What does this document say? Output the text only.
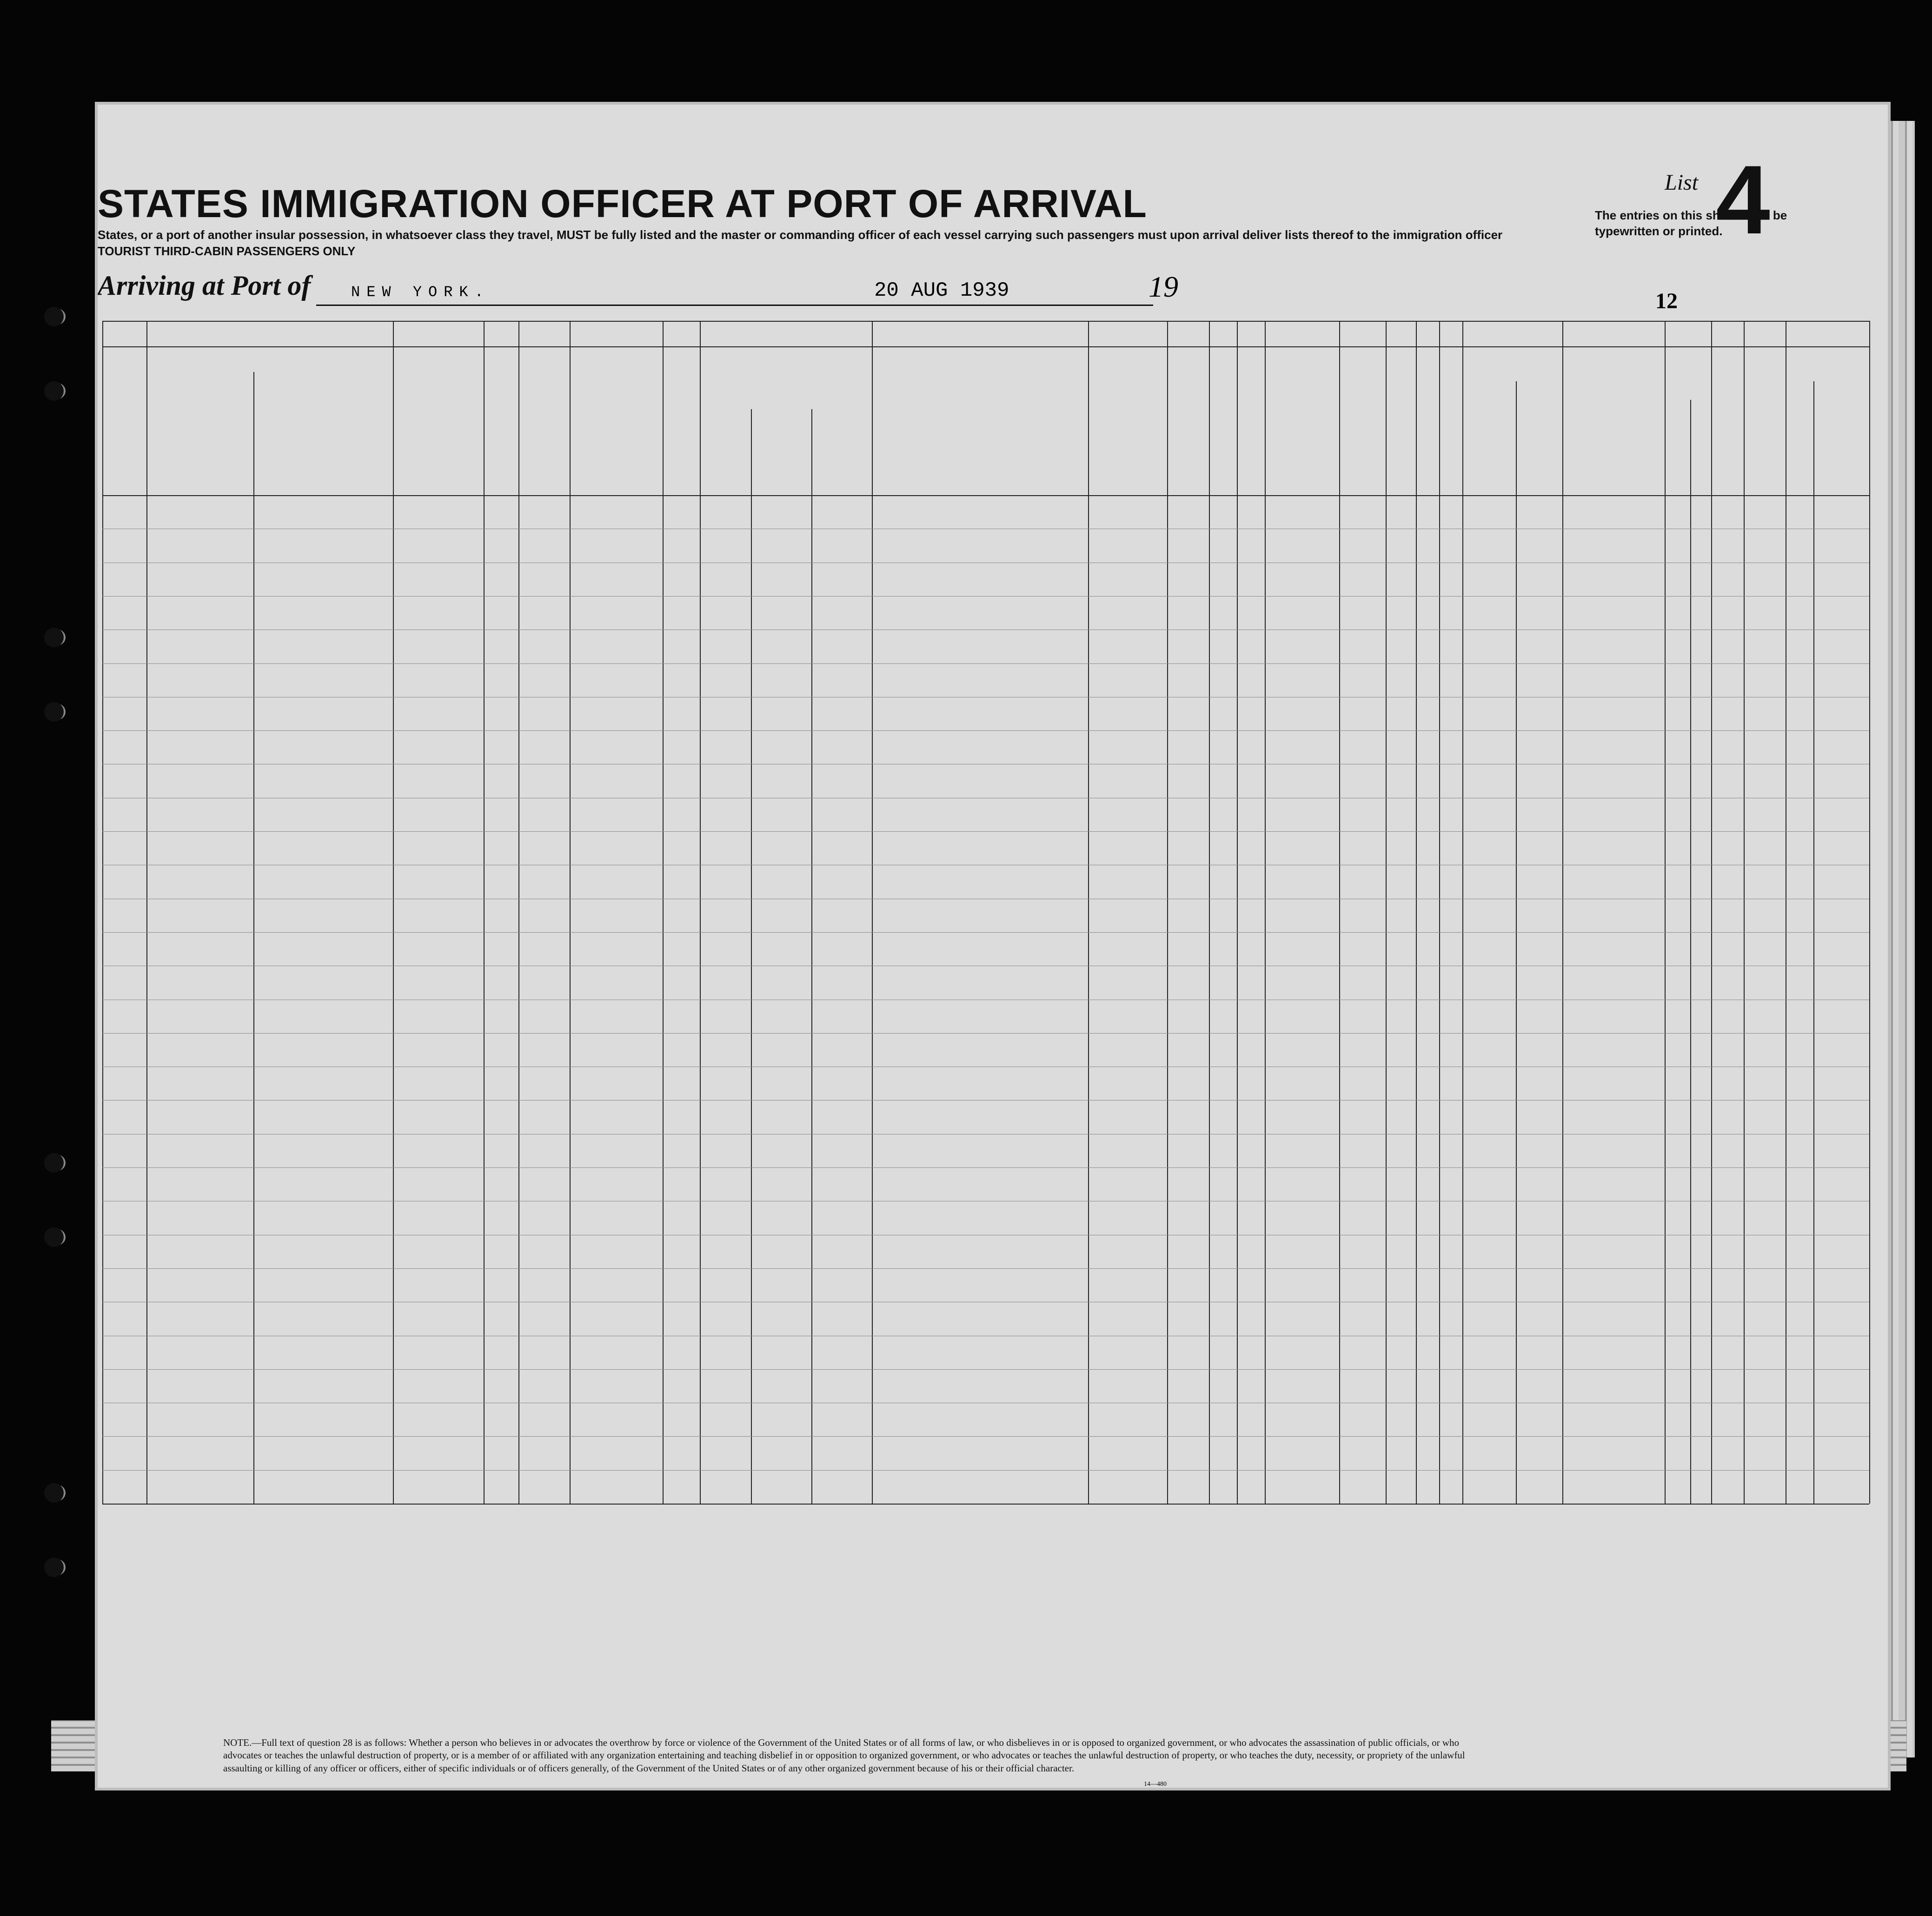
STATES IMMIGRATION OFFICER AT PORT OF ARRIVAL
States, or a port of another insular possession, in whatsoever class they travel, MUST be fully listed and the master or commanding officer of each vessel carrying such passengers must upon arrival deliver lists thereof to the immigration officer
TOURIST THIRD-CABIN PASSENGERS ONLY
List 4
The entries on this sheet must be typewritten or printed.
Arriving at Port of	NEW YORK.	20 AUG 1939	19	12
NOTE.—Full text of question 28 is as follows: Whether a person who believes in or advocates the overthrow by force or violence of the Government of the United States or of all forms of law, or who disbelieves in or is opposed to organized government, or who advocates the assassination of public officials, or who advocates or teaches the unlawful destruction of property, or is a member of or affiliated with any organization entertaining and teaching disbelief in or opposition to organized government, or who advocates or teaches the unlawful destruction of property, or who teaches the duty, necessity, or propriety of the unlawful assaulting or killing of any officer or officers, either of specific individuals or of officers generally, of the Government of the United States or of any other organized government because of his or their official character.
14—480
